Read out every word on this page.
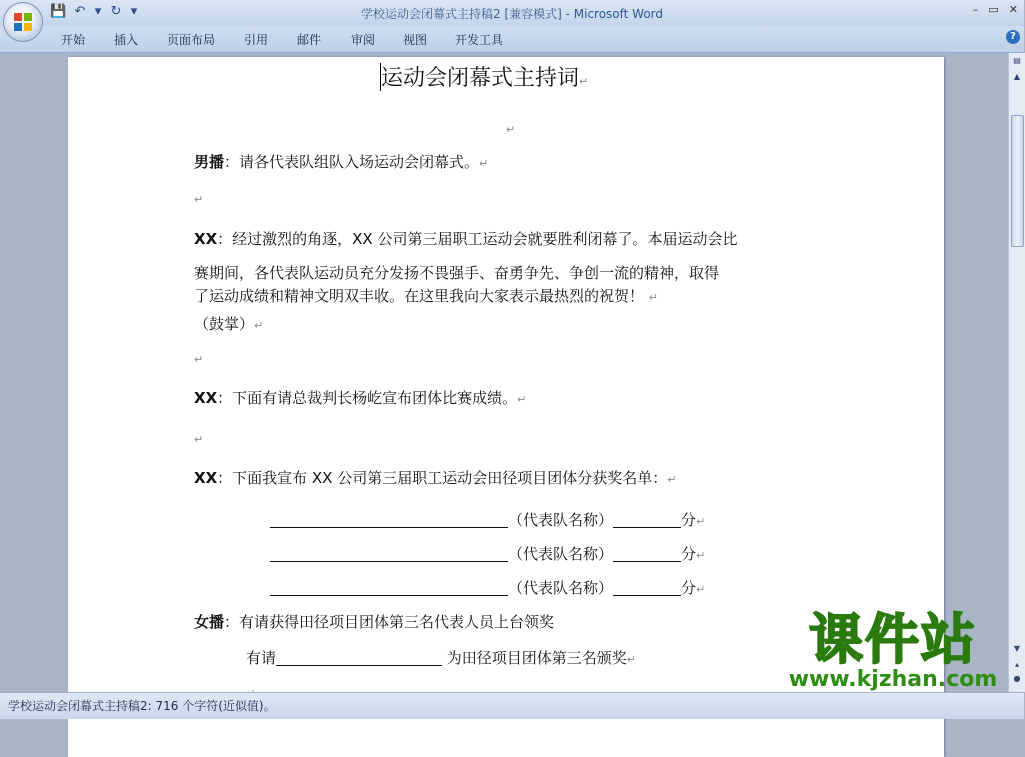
💾 ↶ ▾ ↻ ▾	学校运动会闭幕式主持稿2 [兼容模式] - Microsoft Word	– ▭ ✕
开始 插入 页面布局 引用 邮件 审阅 视图 开发工具	?
运动会闭幕式主持词↵
↵
男播：请各代表队组队入场运动会闭幕式。↵
↵
XX：经过激烈的角逐，XX 公司第三届职工运动会就要胜利闭幕了。本届运动会比
赛期间，各代表队运动员充分发扬不畏强手、奋勇争先、争创一流的精神，取得
了运动成绩和精神文明双丰收。在这里我向大家表示最热烈的祝贺！ ↵
（鼓掌）↵
↵
XX：下面有请总裁判长杨屹宣布团体比赛成绩。↵
↵
XX：下面我宣布 XX 公司第三届职工运动会田径项目团体分获奖名单：↵
（代表队名称）	分↵
（代表队名称）	分↵
（代表队名称）	分↵
女播：有请获得田径项目团体第三名代表人员上台领奖
有请	为田径项目团体第三名颁奖↵
▤
▲
▼
▴
●
学校运动会闭幕式主持稿2: 716 个字符(近似值)。
课件站
www.kjzhan.com
